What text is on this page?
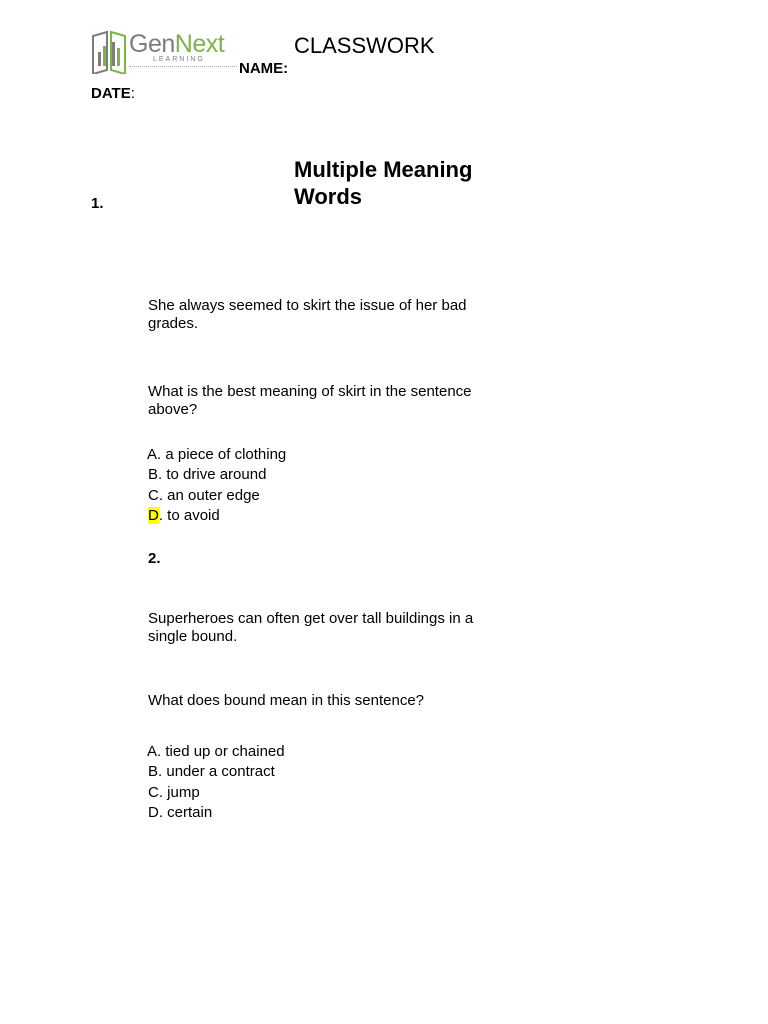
GenNext
LEARNING
CLASSWORK
NAME:
DATE:
Multiple Meaning Words
1.
She always seemed to skirt the issue of her bad grades.
What is the best meaning of skirt in the sentence above?
A. a piece of clothing
B. to drive around
C. an outer edge
D. to avoid
2.
Superheroes can often get over tall buildings in a single bound.
What does bound mean in this sentence?
A. tied up or chained
B. under a contract
C. jump
D. certain
